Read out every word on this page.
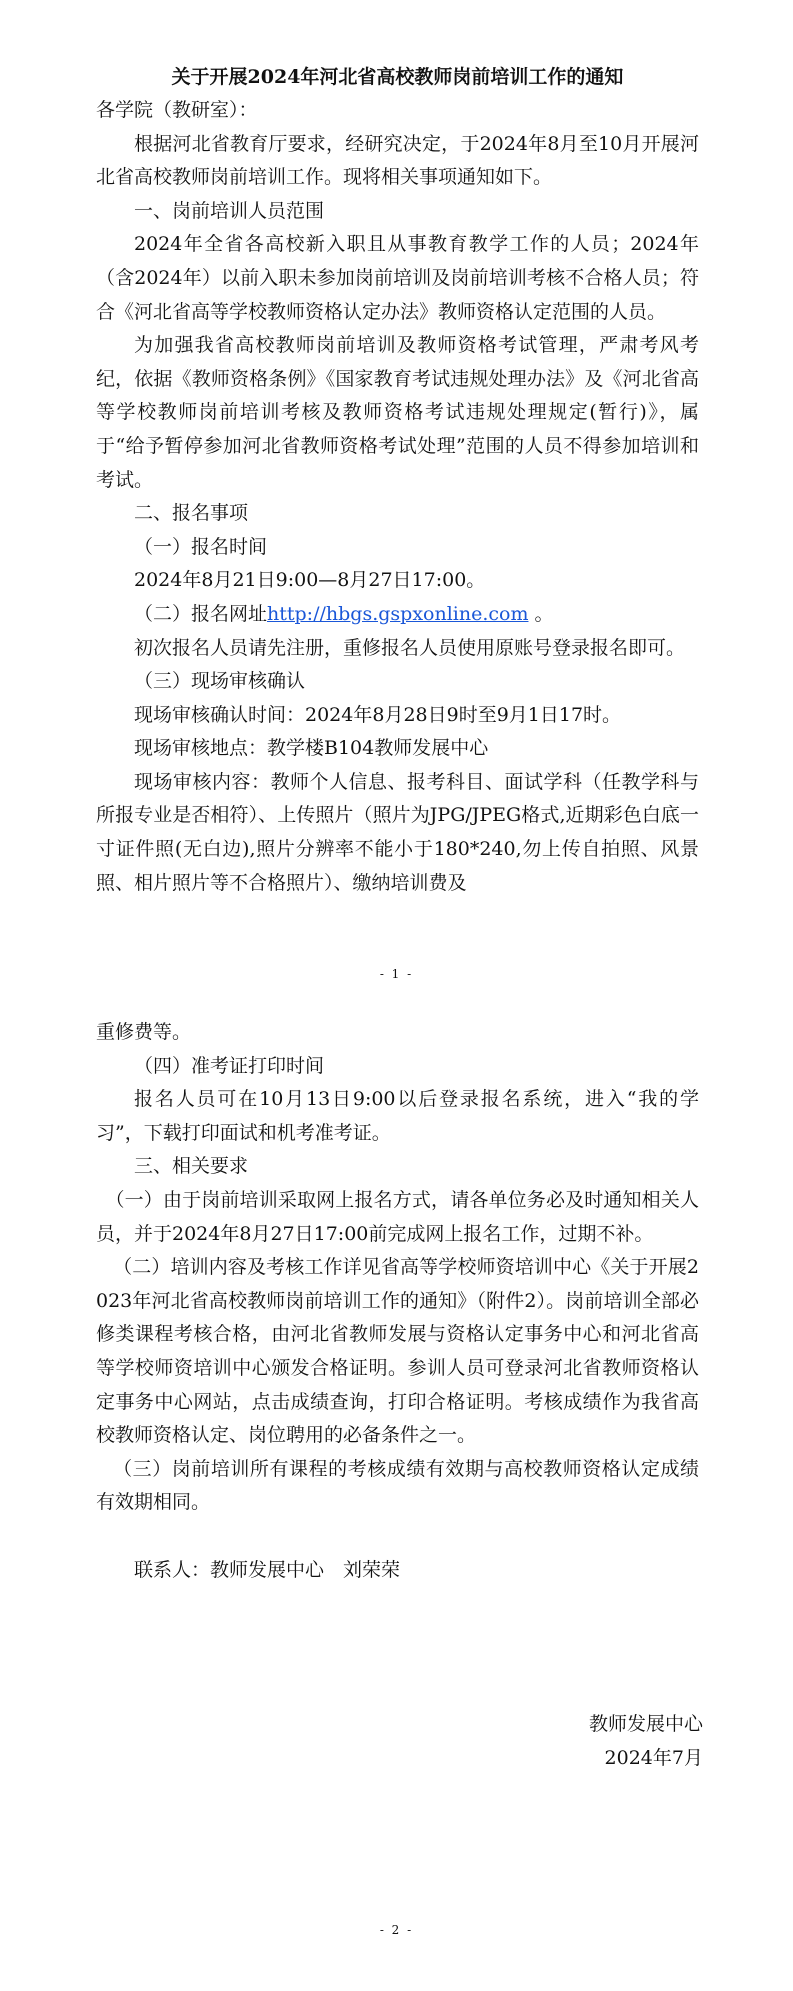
关于开展2024年河北省高校教师岗前培训工作的通知

各学院（教研室）：

根据河北省教育厅要求，经研究决定，于2024年8月至10月开展河北省高校教师岗前培训工作。现将相关事项通知如下。

一、岗前培训人员范围

2024年全省各高校新入职且从事教育教学工作的人员；2024年（含2024年）以前入职未参加岗前培训及岗前培训考核不合格人员；符合《河北省高等学校教师资格认定办法》教师资格认定范围的人员。

为加强我省高校教师岗前培训及教师资格考试管理，严肃考风考纪，依据《教师资格条例》《国家教育考试违规处理办法》及《河北省高等学校教师岗前培训考核及教师资格考试违规处理规定(暂行)》，属于“给予暂停参加河北省教师资格考试处理”范围的人员不得参加培训和考试。

二、报名事项

（一）报名时间

2024年8月21日9:00—8月27日17:00。

（二）报名网址http://hbgs.gspxonline.com 。

初次报名人员请先注册，重修报名人员使用原账号登录报名即可。

（三）现场审核确认

现场审核确认时间：2024年8月28日9时至9月1日17时。

现场审核地点：教学楼B104教师发展中心

现场审核内容：教师个人信息、报考科目、面试学科（任教学科与所报专业是否相符）、上传照片（照片为JPG/JPEG格式,近期彩色白底一寸证件照(无白边),照片分辨率不能小于180*240,勿上传自拍照、风景照、相片照片等不合格照片）、缴纳培训费及

- 1 -

重修费等。

（四）准考证打印时间

报名人员可在10月13日9:00以后登录报名系统，进入“我的学习”，下载打印面试和机考准考证。

三、相关要求

（一）由于岗前培训采取网上报名方式，请各单位务必及时通知相关人员，并于2024年8月27日17:00前完成网上报名工作，过期不补。

（二）培训内容及考核工作详见省高等学校师资培训中心《关于开展2023年河北省高校教师岗前培训工作的通知》（附件2）。岗前培训全部必修类课程考核合格，由河北省教师发展与资格认定事务中心和河北省高等学校师资培训中心颁发合格证明。参训人员可登录河北省教师资格认定事务中心网站，点击成绩查询，打印合格证明。考核成绩作为我省高校教师资格认定、岗位聘用的必备条件之一。

（三）岗前培训所有课程的考核成绩有效期与高校教师资格认定成绩有效期相同。

联系人：教师发展中心　刘荣荣

教师发展中心
2024年7月
- 2 -
